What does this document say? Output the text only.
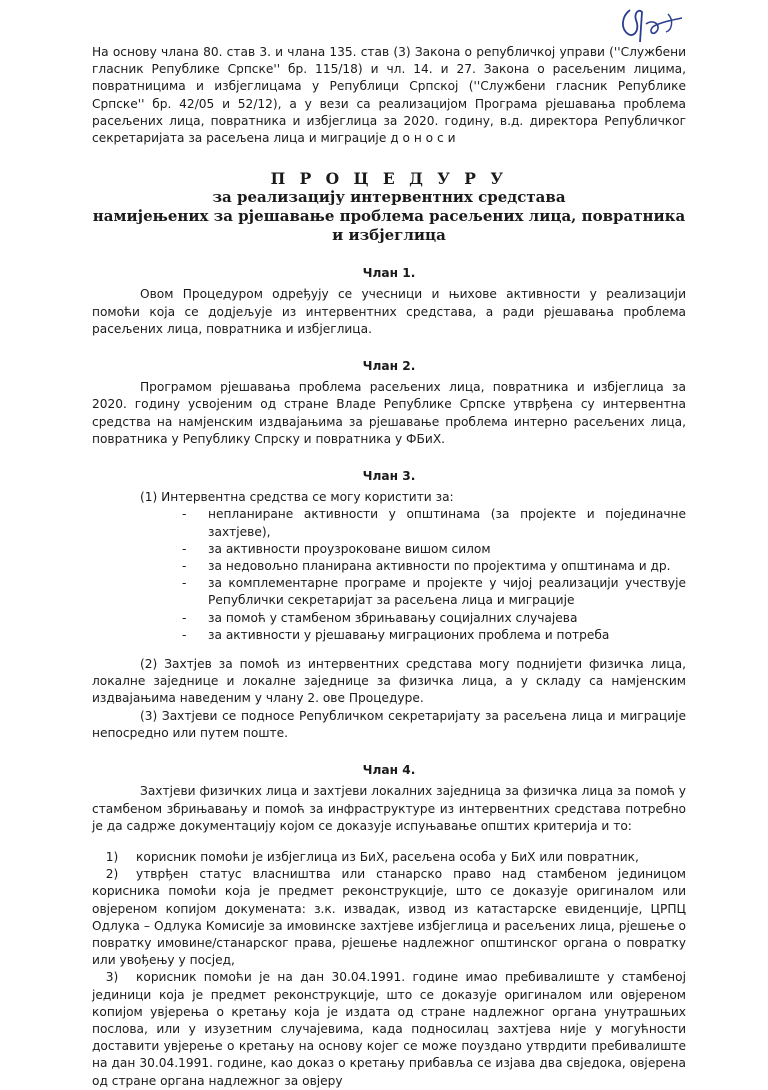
На основу члана 80. став 3. и члана 135. став (3) Закона о републичкој управи (''Службени гласник Републике Српске'' бр. 115/18) и чл. 14. и 27. Закона о расељеним лицима, повратницима и избјеглицама у Републици Српској (''Службени гласник Републике Српске'' бр. 42/05 и 52/12), а у вези са реализацијом Програма рјешавања проблема расељених лица, повратника и избјеглица за 2020. годину, в.д. директора Републичког секретаријата за расељена лица и миграције д о н о с и

П Р О Ц Е Д У Р У
за реализацију интервентних средстава
намијењених за рјешавање проблема расељених лица, повратника и избјеглица
Члан 1.

Овом Процедуром одређују се учесници и њихове активности у реализацији помоћи која се додјељује из интервентних средстава, а ради рјешавања проблема расељених лица, повратника и избјеглица.

Члан 2.

Програмом рјешавања проблема расељених лица, повратника и избјеглица за 2020. годину усвојеним од стране Владе Републике Српске утврђена су интервентна средства на намјенским издвајањима за рјешавање проблема интерно расељених лица, повратника у Републику Спрску и повратника у ФБиХ.

Члан 3.

(1) Интервентна средства се могу користити за:

- непланиране активности у општинама (за пројекте и појединачне захтјеве),
- за активности проузроковане вишом силом
- за недовољно планирана активности по пројектима у општинама и др.
- за комплементарне програме и пројекте у чијој реализацији учествује Републички секретаријат за расељена лица и миграције
- за помоћ у стамбеном збрињавању социјалних случајева
- за активности у рјешавању миграционих проблема и потреба

(2) Захтјев за помоћ из интервентних средстава могу поднијети физичка лица, локалне заједнице и локалне заједнице за физичка лица, а у складу са намјенским издвајањима наведеним у члану 2. ове Процедуре.

(3) Захтјеви се подносе Републичком секретаријату за расељена лица и миграције непосредно или путем поште.

Члан 4.

Захтјеви физичких лица и захтјеви локалних заједница за физичка лица за помоћ у стамбеном збрињавању и помоћ за инфраструктуре из интервентних средстава потребно је да садрже документацију којом се доказује испуњавање општих критерија и то:

1)	корисник помоћи је избјеглица из БиХ, расељена особа у БиХ или повратник,
2)	утврђен статус власништва или станарско право над стамбеном јединицом корисника помоћи која је предмет реконструкције, што се доказује оригиналом или овјереном копијом докумената: з.к. извадак, извод из катастарске евиденције, ЦРПЦ Одлука – Одлука Комисије за имовинске захтјеве избјеглица и расељених лица, рјешење о повратку имовине/станарског права, рјешење надлежног општинског органа о повратку или увођењу у посјед,
3)	корисник помоћи је на дан 30.04.1991. године имао пребивалиште у стамбеној јединици која је предмет реконструкције, што се доказује оригиналом или овјереном копијом увјерења о кретању која је издата од стране надлежног органа унутрашњих послова, или у изузетним случајевима, када подносилац захтјева није у могућности доставити увјерење о кретању на основу којег се може поуздано утврдити пребивалиште на дан 30.04.1991. године, као доказ о кретању прибавља се изјава два свједока, овјерена од стране органа надлежног за овјеру
